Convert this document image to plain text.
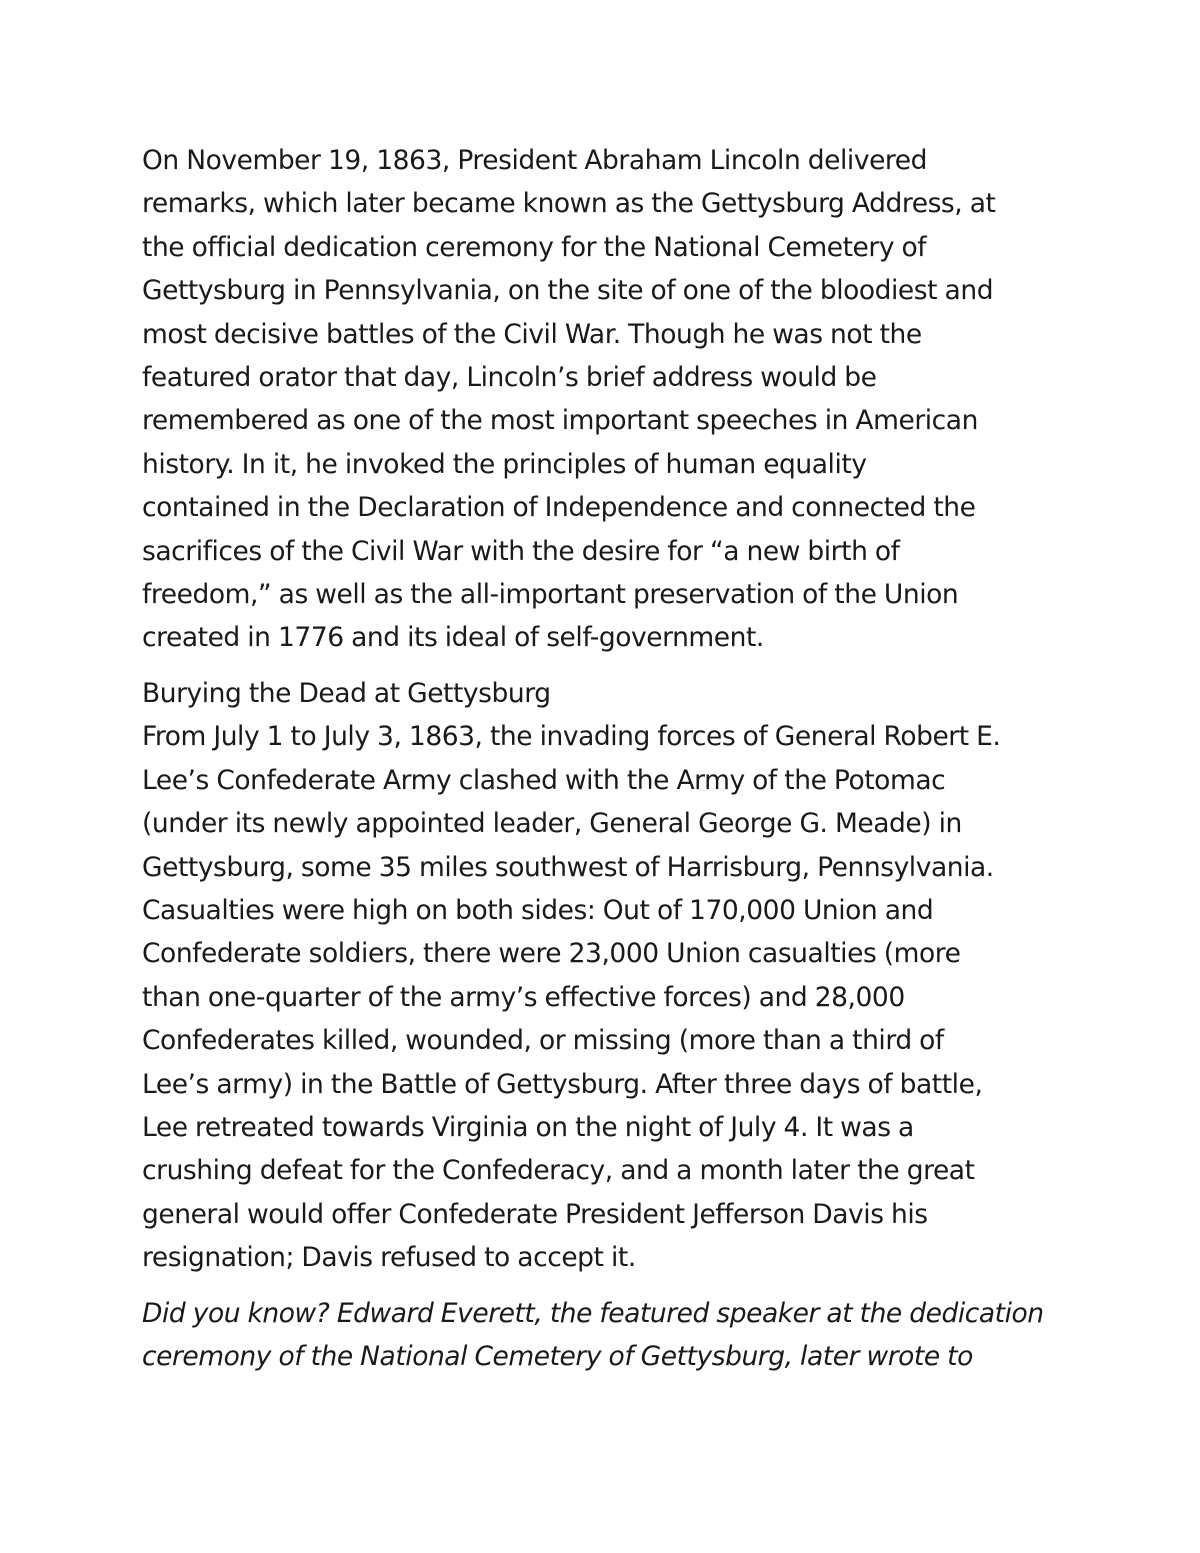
On November 19, 1863, President Abraham Lincoln delivered
remarks, which later became known as the Gettysburg Address, at
the official dedication ceremony for the National Cemetery of
Gettysburg in Pennsylvania, on the site of one of the bloodiest and
most decisive battles of the Civil War. Though he was not the
featured orator that day, Lincoln’s brief address would be
remembered as one of the most important speeches in American
history. In it, he invoked the principles of human equality
contained in the Declaration of Independence and connected the
sacrifices of the Civil War with the desire for “a new birth of
freedom,” as well as the all-important preservation of the Union
created in 1776 and its ideal of self-government.
Burying the Dead at Gettysburg
From July 1 to July 3, 1863, the invading forces of General Robert E.
Lee’s Confederate Army clashed with the Army of the Potomac
(under its newly appointed leader, General George G. Meade) in
Gettysburg, some 35 miles southwest of Harrisburg, Pennsylvania.
Casualties were high on both sides: Out of 170,000 Union and
Confederate soldiers, there were 23,000 Union casualties (more
than one-quarter of the army’s effective forces) and 28,000
Confederates killed, wounded, or missing (more than a third of
Lee’s army) in the Battle of Gettysburg. After three days of battle,
Lee retreated towards Virginia on the night of July 4. It was a
crushing defeat for the Confederacy, and a month later the great
general would offer Confederate President Jefferson Davis his
resignation; Davis refused to accept it.
Did you know? Edward Everett, the featured speaker at the dedication
ceremony of the National Cemetery of Gettysburg, later wrote to
